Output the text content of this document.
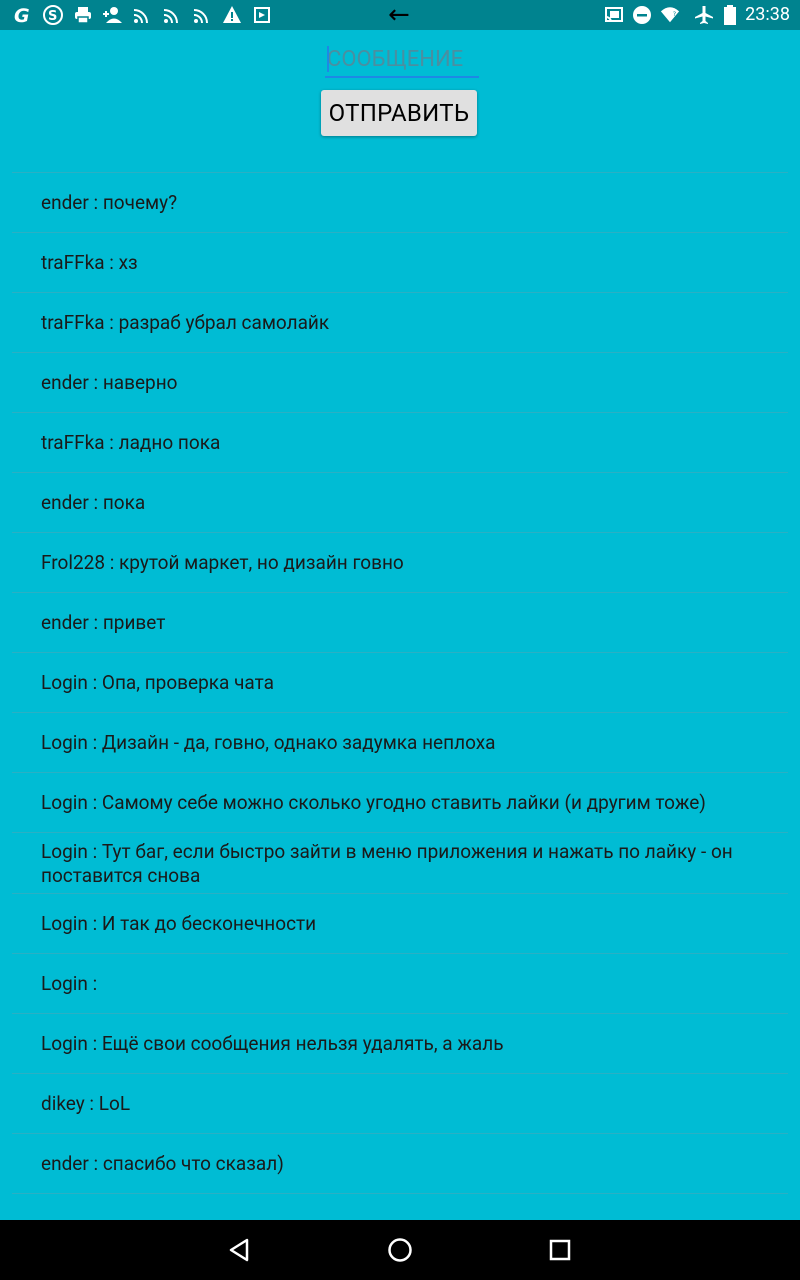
G S	←	?	23:38
СООБЩЕНИЕ
ОТПРАВИТЬ
ender : почему?
traFFka : хз
traFFka : разраб убрал самолайк
ender : наверно
traFFka : ладно пока
ender : пока
Frol228 : крутой маркет, но дизайн говно
ender : привет
Login : Опа, проверка чата
Login : Дизайн - да, говно, однако задумка неплоха
Login : Самому себе можно сколько угодно ставить лайки (и другим тоже)
Login : Тут баг, если быстро зайти в меню приложения и нажать по лайку - он поставится снова
Login : И так до бесконечности
Login :
Login : Ещё свои сообщения нельзя удалять, а жаль
dikey : LoL
ender : спасибо что сказал)
